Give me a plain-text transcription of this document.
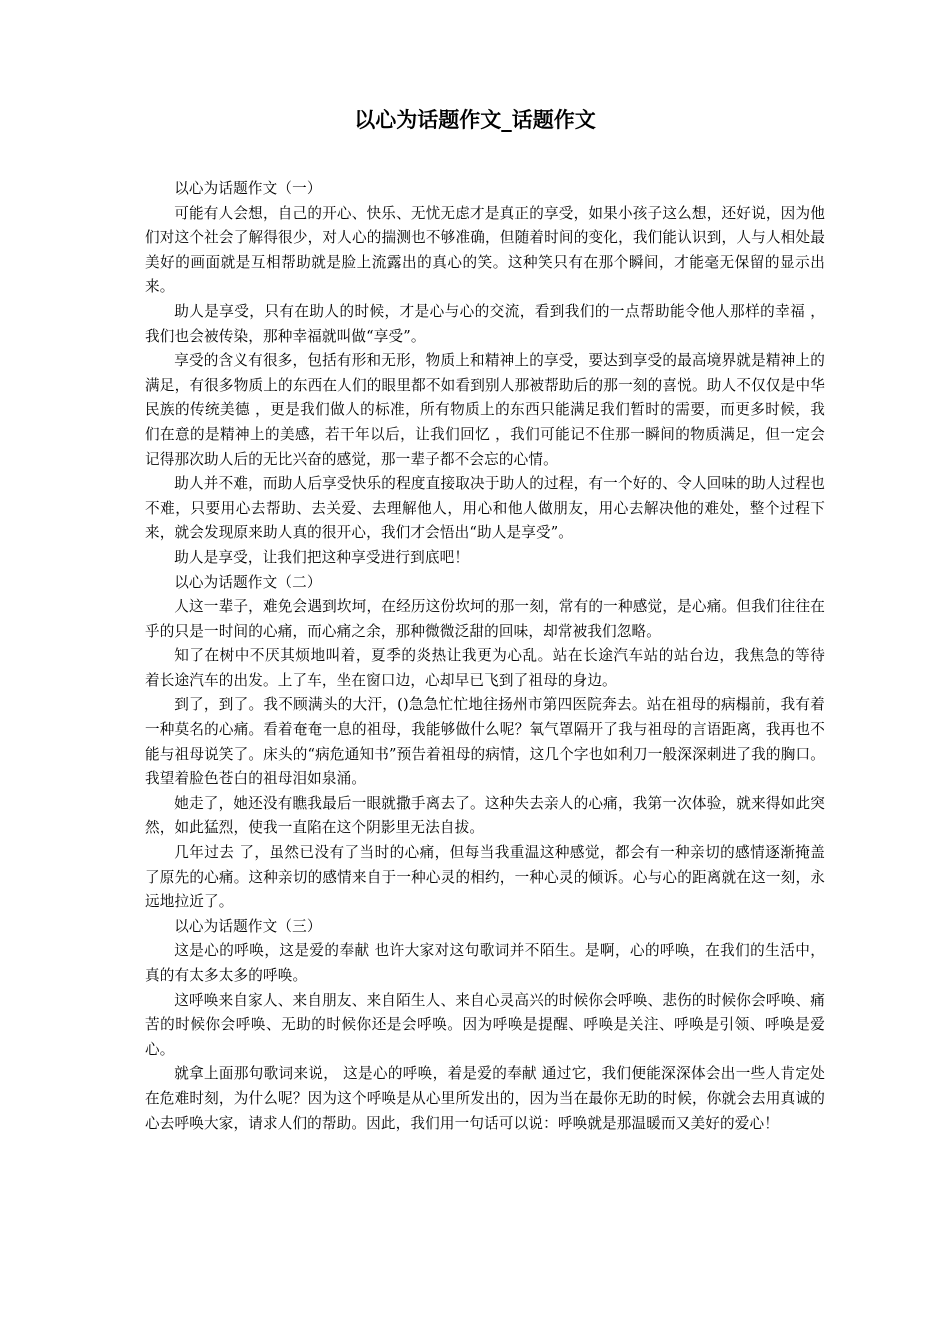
以心为话题作文_话题作文

以心为话题作文（一）

可能有人会想，自己的开心、快乐、无忧无虑才是真正的享受，如果小孩子这么想，还好说，因为他们对这个社会了解得很少，对人心的揣测也不够准确，但随着时间的变化，我们能认识到，人与人相处最美好的画面就是互相帮助就是脸上流露出的真心的笑。这种笑只有在那个瞬间，才能毫无保留的显示出来。

助人是享受，只有在助人的时候，才是心与心的交流，看到我们的一点帮助能令他人那样的幸福 ，我们也会被传染，那种幸福就叫做“享受”。

享受的含义有很多，包括有形和无形，物质上和精神上的享受，要达到享受的最高境界就是精神上的满足，有很多物质上的东西在人们的眼里都不如看到别人那被帮助后的那一刻的喜悦。助人不仅仅是中华民族的传统美德 ，更是我们做人的标准，所有物质上的东西只能满足我们暂时的需要，而更多时候，我们在意的是精神上的美感，若干年以后，让我们回忆 ，我们可能记不住那一瞬间的物质满足，但一定会记得那次助人后的无比兴奋的感觉，那一辈子都不会忘的心情。

助人并不难，而助人后享受快乐的程度直接取决于助人的过程，有一个好的、令人回味的助人过程也不难，只要用心去帮助、去关爱、去理解他人，用心和他人做朋友，用心去解决他的难处，整个过程下来，就会发现原来助人真的很开心，我们才会悟出“助人是享受”。

助人是享受，让我们把这种享受进行到底吧！

以心为话题作文（二）

人这一辈子，难免会遇到坎坷，在经历这份坎坷的那一刻，常有的一种感觉，是心痛。但我们往往在乎的只是一时间的心痛，而心痛之余，那种微微泛甜的回味，却常被我们忽略。

知了在树中不厌其烦地叫着，夏季的炎热让我更为心乱。站在长途汽车站的站台边，我焦急的等待 着长途汽车的出发。上了车，坐在窗口边，心却早已飞到了祖母的身边。

到了，到了。我不顾满头的大汗，()急急忙忙地往扬州市第四医院奔去。站在祖母的病榻前，我有着一种莫名的心痛。看着奄奄一息的祖母，我能够做什么呢？氧气罩隔开了我与祖母的言语距离，我再也不能与祖母说笑了。床头的“病危通知书”预告着祖母的病情，这几个字也如利刀一般深深刺进了我的胸口。我望着脸色苍白的祖母泪如泉涌。

她走了，她还没有瞧我最后一眼就撒手离去了。这种失去亲人的心痛，我第一次体验，就来得如此突然，如此猛烈，使我一直陷在这个阴影里无法自拔。

几年过去 了，虽然已没有了当时的心痛，但每当我重温这种感觉，都会有一种亲切的感情逐渐掩盖了原先的心痛。这种亲切的感情来自于一种心灵的相约，一种心灵的倾诉。心与心的距离就在这一刻，永远地拉近了。

以心为话题作文（三）

这是心的呼唤，这是爱的奉献 也许大家对这句歌词并不陌生。是啊，心的呼唤，在我们的生活中，真的有太多太多的呼唤。

这呼唤来自家人、来自朋友、来自陌生人、来自心灵高兴的时候你会呼唤、悲伤的时候你会呼唤、痛苦的时候你会呼唤、无助的时候你还是会呼唤。因为呼唤是提醒、呼唤是关注、呼唤是引领、呼唤是爱心。

就拿上面那句歌词来说， 这是心的呼唤，着是爱的奉献 通过它，我们便能深深体会出一些人肯定处在危难时刻，为什么呢？因为这个呼唤是从心里所发出的，因为当在最你无助的时候，你就会去用真诚的心去呼唤大家，请求人们的帮助。因此，我们用一句话可以说：呼唤就是那温暖而又美好的爱心！
